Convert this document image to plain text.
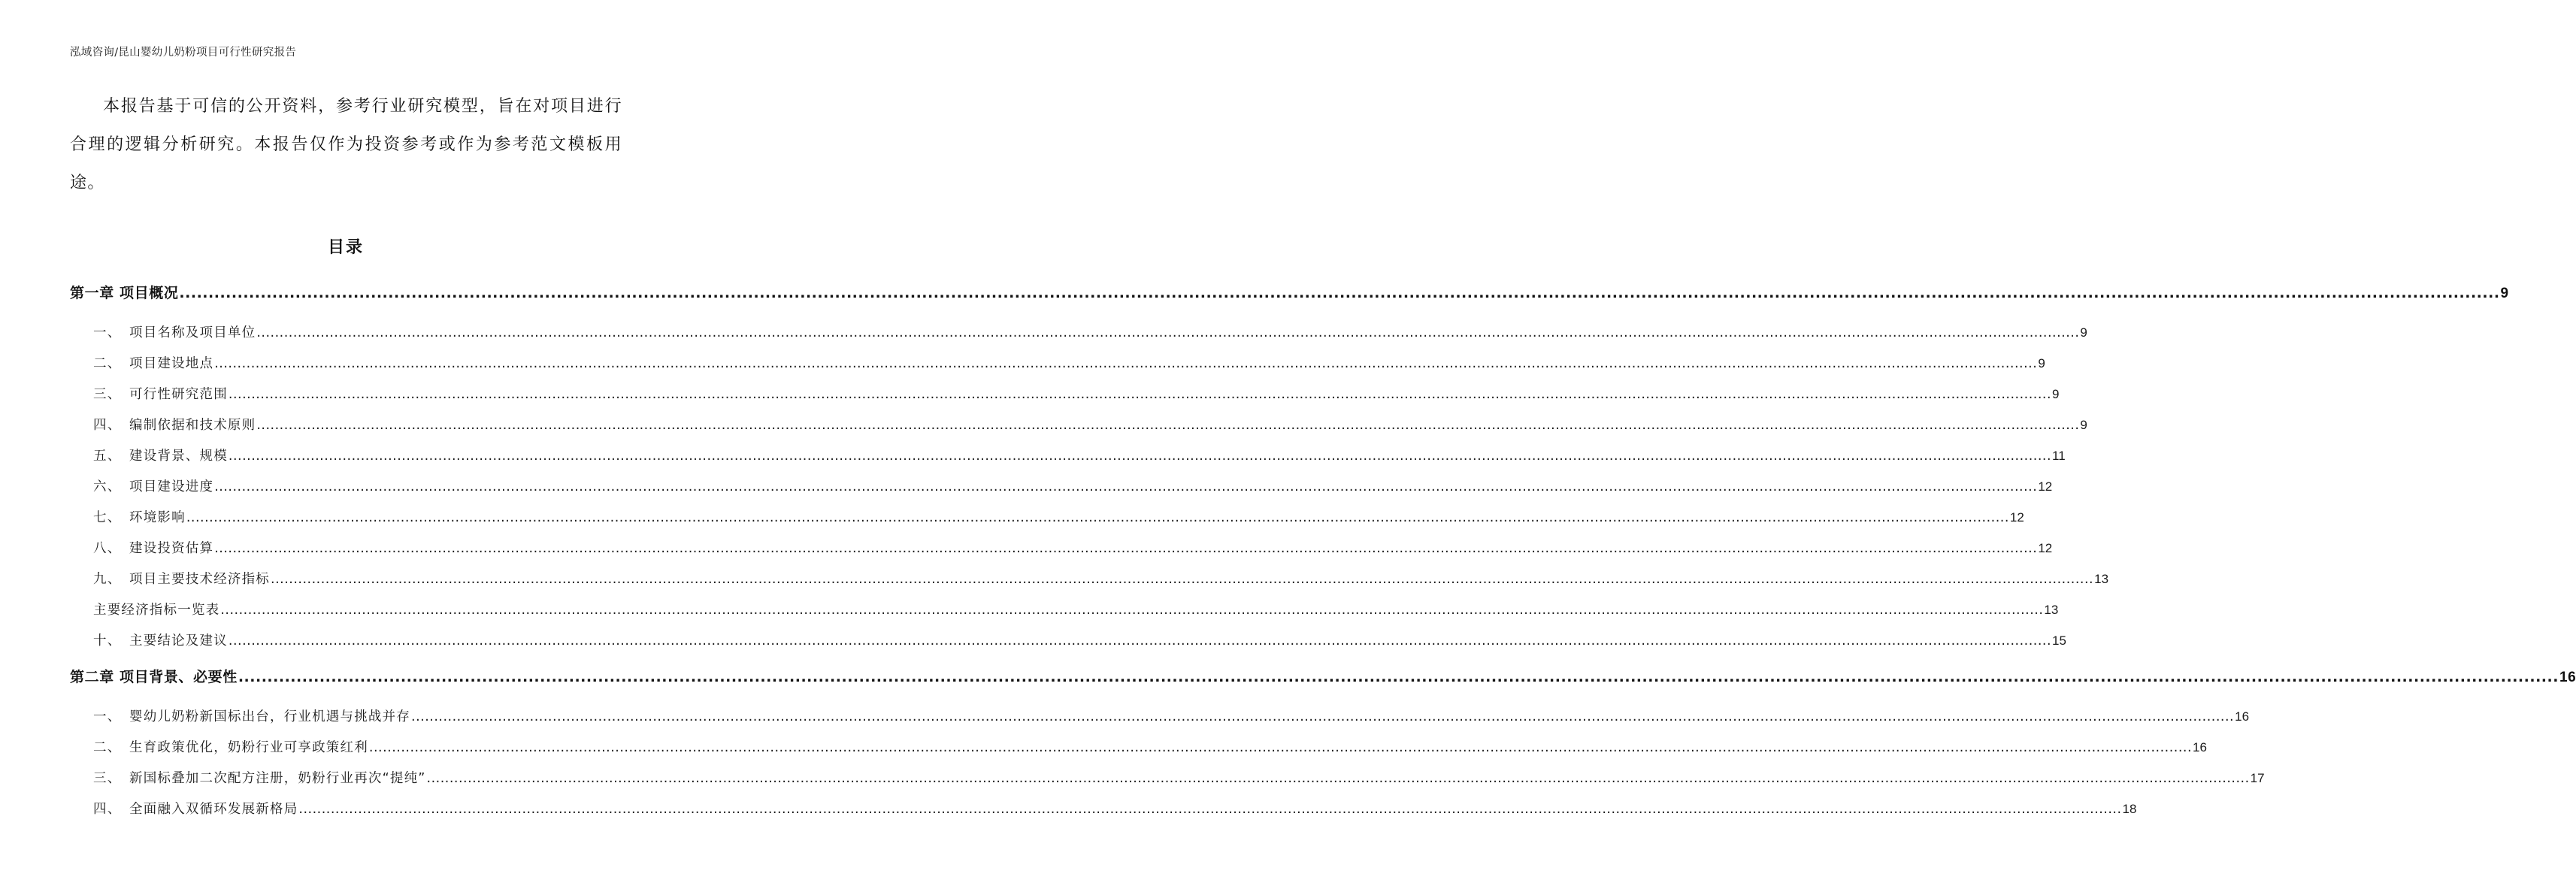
泓域咨询/昆山婴幼儿奶粉项目可行性研究报告
本报告基于可信的公开资料，参考行业研究模型，旨在对项目进行合理的逻辑分析研究。本报告仅作为投资参考或作为参考范文模板用途。
目录
第一章 项目概况 ................................................................................................................................................................................................................................................................................................................................................................................................................ 9
一、 项目名称及项目单位 ................................................................................................................................................................................................................................................................................................................................................................................................................ 9
二、 项目建设地点 ................................................................................................................................................................................................................................................................................................................................................................................................................ 9
三、 可行性研究范围 ................................................................................................................................................................................................................................................................................................................................................................................................................ 9
四、 编制依据和技术原则 ................................................................................................................................................................................................................................................................................................................................................................................................................ 9
五、 建设背景、规模 ................................................................................................................................................................................................................................................................................................................................................................................................................ 11
六、 项目建设进度 ................................................................................................................................................................................................................................................................................................................................................................................................................ 12
七、 环境影响 ................................................................................................................................................................................................................................................................................................................................................................................................................ 12
八、 建设投资估算 ................................................................................................................................................................................................................................................................................................................................................................................................................ 12
九、 项目主要技术经济指标 ................................................................................................................................................................................................................................................................................................................................................................................................................ 13
主要经济指标一览表 ................................................................................................................................................................................................................................................................................................................................................................................................................ 13
十、 主要结论及建议 ................................................................................................................................................................................................................................................................................................................................................................................................................ 15
第二章 项目背景、必要性 ................................................................................................................................................................................................................................................................................................................................................................................................................ 16
一、 婴幼儿奶粉新国标出台，行业机遇与挑战并存 ................................................................................................................................................................................................................................................................................................................................................................................................................ 16
二、 生育政策优化，奶粉行业可享政策红利 ................................................................................................................................................................................................................................................................................................................................................................................................................ 16
三、 新国标叠加二次配方注册，奶粉行业再次“提纯” ................................................................................................................................................................................................................................................................................................................................................................................................................ 17
四、 全面融入双循环发展新格局 ................................................................................................................................................................................................................................................................................................................................................................................................................ 18
